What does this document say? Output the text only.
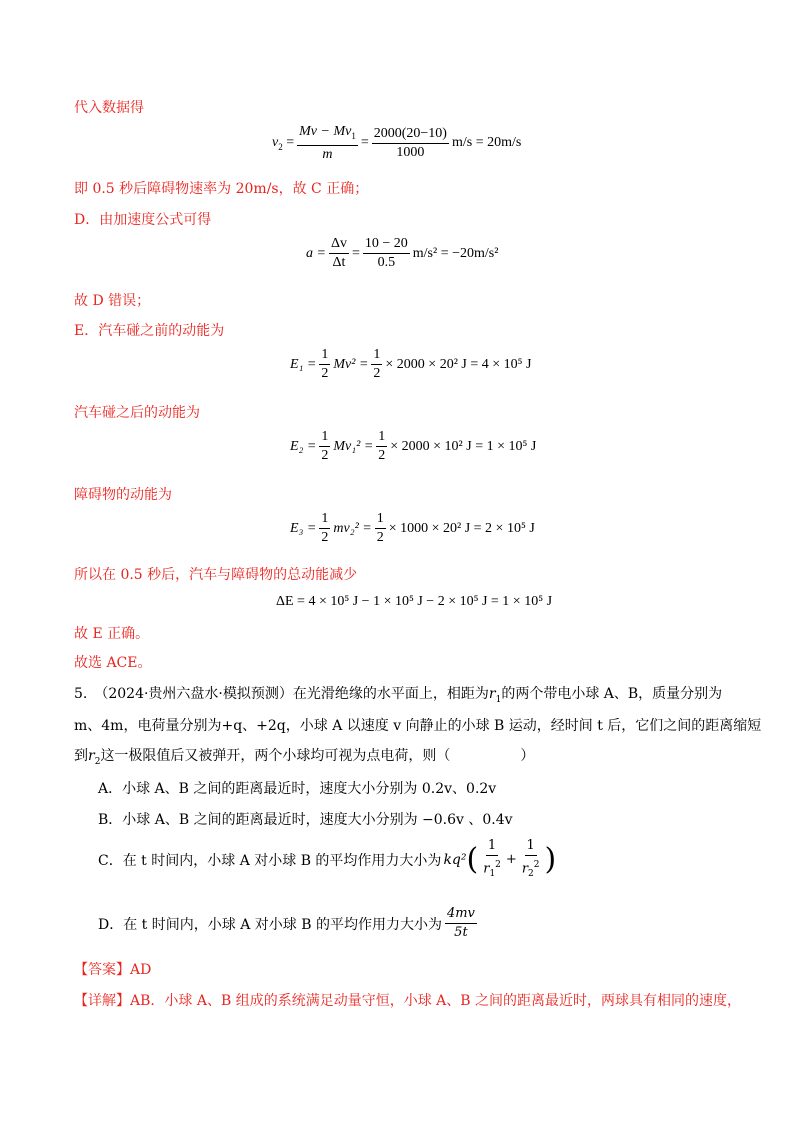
代入数据得
$v_2 = \frac{Mv - Mv_1}{m} = \frac{2000(20-10)}{1000} m/s = 20m/s$
即 0.5 秒后障碍物速率为 20m/s，故 C 正确；
D．由加速度公式可得
$a = \frac{\Delta v}{\Delta t} = \frac{10 - 20}{0.5} m/s^2 = -20m/s^2$
故 D 错误；
E．汽车碰之前的动能为
$E_1 = \frac{1}{2} Mv^2 = \frac{1}{2} \times 2000 \times 20^2$ J = 4 × 10⁵ J
汽车碰之后的动能为
$E_2 = \frac{1}{2} Mv_1^2 = \frac{1}{2} \times 2000 \times 10^2$ J = 1 × 10⁵ J
障碍物的动能为
$E_3 = \frac{1}{2} mv_2^2 = \frac{1}{2} \times 1000 \times 20^2$ J = 2 × 10⁵ J
所以在 0.5 秒后，汽车与障碍物的总动能减少
ΔE = 4 × 10⁵ J − 1 × 10⁵ J − 2 × 10⁵ J = 1 × 10⁵ J
故 E 正确。
故选 ACE。
5.　（2024·贵州六盘水·模拟预测）在光滑绝缘的水平面上，相距为$r_1$的两个带电小球 A、B，质量分别为
m、4m，电荷量分别为+q、+2q，小球 A 以速度 v 向静止的小球 B 运动，经时间 t 后，它们之间的距离缩短
到$r_2$这一极限值后又被弹开，两个小球均可视为点电荷，则（　　　　　）
A．小球 A、B 之间的距离最近时，速度大小分别为 0.2v、0.2v
B．小球 A、B 之间的距离最近时，速度大小分别为 −0.6v 、0.4v
C．在 t 时间内，小球 A 对小球 B 的平均作用力大小为 kq² ( $\frac{1}{r_1^2} + \frac{1}{r_2^2}$ )
D．在 t 时间内，小球 A 对小球 B 的平均作用力大小为 $\frac{4mv}{5t}$
【答案】AD
【详解】AB．小球 A、B 组成的系统满足动量守恒，小球 A、B 之间的距离最近时，两球具有相同的速度，
